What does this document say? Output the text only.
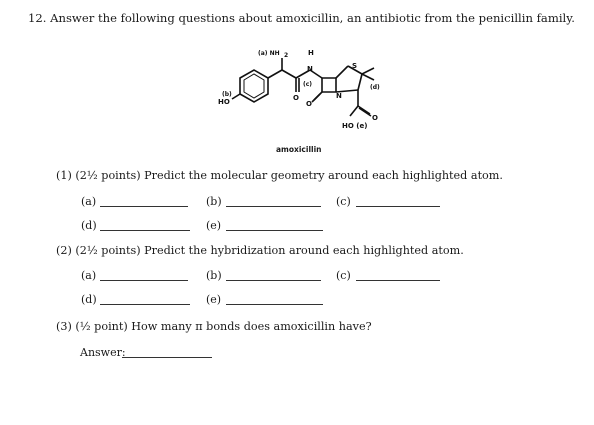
12. Answer the following questions about amoxicillin, an antibiotic from the penicillin family.
(a) NH 2	H
N
(c)
S
(d)
(b)
HO
N
O
O
O
HO (e)
amoxicillin
(1) (2½ points) Predict the molecular geometry around each highlighted atom.
(a)	(b)	(c)
(d)	(e)
(2) (2½ points) Predict the hybridization around each highlighted atom.
(a)	(b)	(c)
(d)	(e)
(3) (½ point) How many π bonds does amoxicillin have?
Answer:
